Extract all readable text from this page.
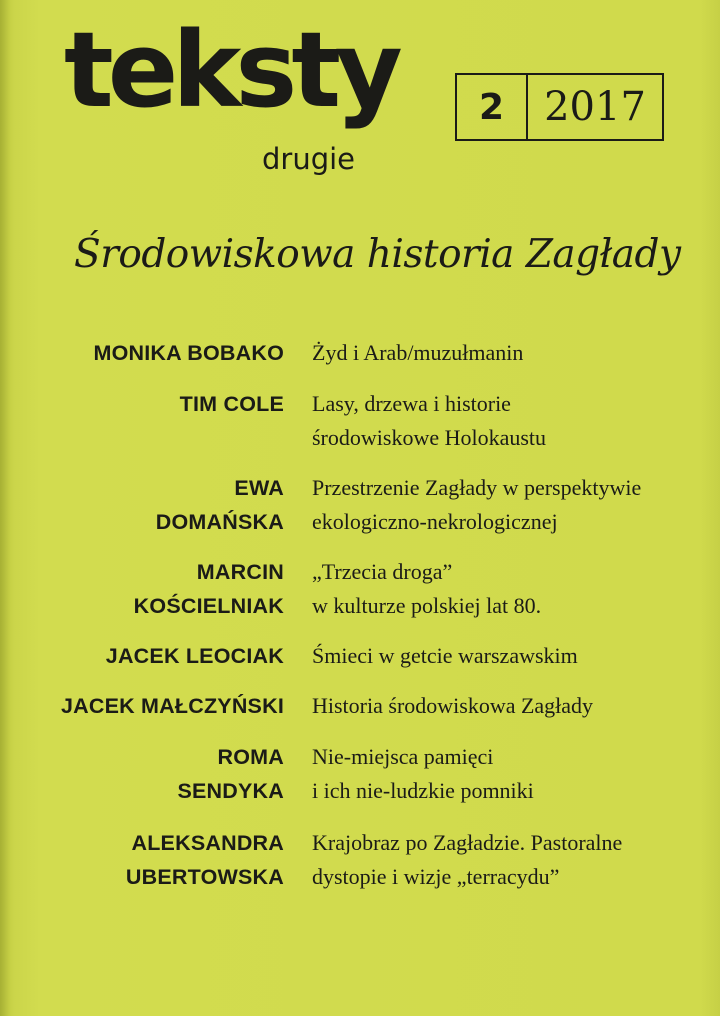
teksty
drugie
2	2017
Środowiskowa historia Zagłady
MONIKA BOBAKO Żyd i Arab/muzułmanin
TIM COLE Lasy, drzewa i historie
środowiskowe Holokaustu
EWA
DOMAŃSKA
Przestrzenie Zagłady w perspektywie
ekologiczno-nekrologicznej
MARCIN
KOŚCIELNIAK
„Trzecia droga”
w kulturze polskiej lat 80.
JACEK LEOCIAK Śmieci w getcie warszawskim
JACEK MAŁCZYŃSKI Historia środowiskowa Zagłady
ROMA
SENDYKA
Nie-miejsca pamięci
i ich nie-ludzkie pomniki
ALEKSANDRA
UBERTOWSKA
Krajobraz po Zagładzie. Pastoralne
dystopie i wizje „terracydu”
